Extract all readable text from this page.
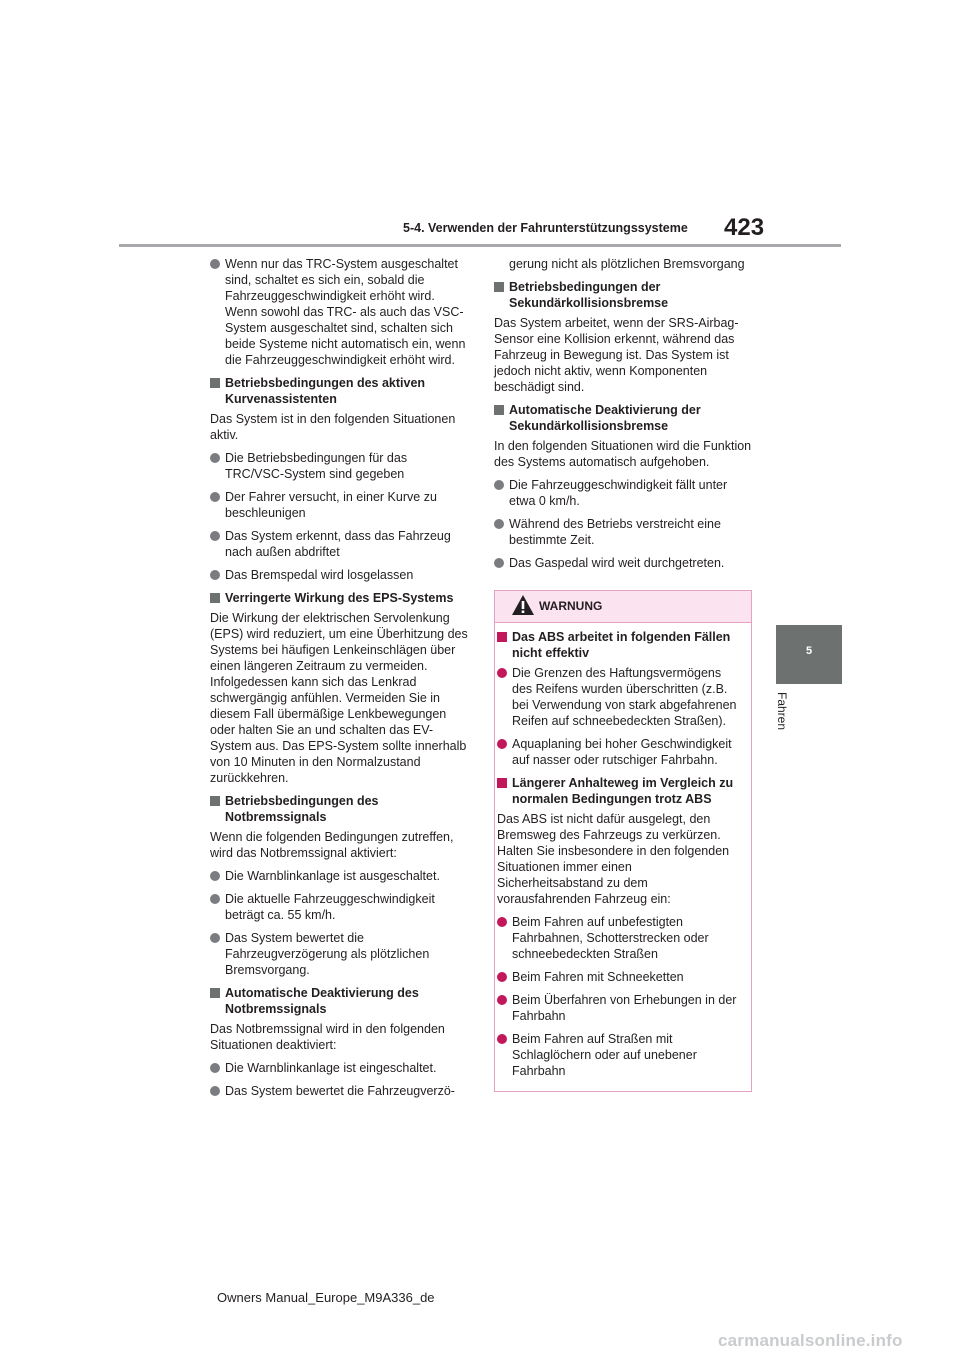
423
5-4. Verwenden der Fahrunterstützungssysteme
5
Fahren
Wenn nur das TRC-System ausgeschaltet sind, schaltet es sich ein, sobald die Fahrzeuggeschwindigkeit erhöht wird. Wenn sowohl das TRC- als auch das VSC-System ausgeschaltet sind, schalten sich beide Systeme nicht automatisch ein, wenn die Fahrzeuggeschwindigkeit erhöht wird.
Betriebsbedingungen des aktiven Kurvenassistenten
Das System ist in den folgenden Situationen aktiv.
Die Betriebsbedingungen für das TRC/VSC-System sind gegeben
Der Fahrer versucht, in einer Kurve zu beschleunigen
Das System erkennt, dass das Fahrzeug nach außen abdriftet
Das Bremspedal wird losgelassen
Verringerte Wirkung des EPS-Systems
Die Wirkung der elektrischen Servolenkung (EPS) wird reduziert, um eine Überhitzung des Systems bei häufigen Lenkeinschlägen über einen längeren Zeitraum zu vermeiden. Infolgedessen kann sich das Lenkrad schwergängig anfühlen. Vermeiden Sie in diesem Fall übermäßige Lenkbewegungen oder halten Sie an und schalten das EV-System aus. Das EPS-System sollte innerhalb von 10 Minuten in den Normalzustand zurückkehren.
Betriebsbedingungen des Notbremssignals
Wenn die folgenden Bedingungen zutreffen, wird das Notbremssignal aktiviert:
Die Warnblinkanlage ist ausgeschaltet.
Die aktuelle Fahrzeuggeschwindigkeit beträgt ca. 55 km/h.
Das System bewertet die Fahrzeugverzögerung als plötzlichen Bremsvorgang.
Automatische Deaktivierung des Notbremssignals
Das Notbremssignal wird in den folgenden Situationen deaktiviert:
Die Warnblinkanlage ist eingeschaltet.
Das System bewertet die Fahrzeugverzö-
gerung nicht als plötzlichen Bremsvorgang
Betriebsbedingungen der Sekundärkollisionsbremse
Das System arbeitet, wenn der SRS-Airbag-Sensor eine Kollision erkennt, während das Fahrzeug in Bewegung ist. Das System ist jedoch nicht aktiv, wenn Komponenten beschädigt sind.
Automatische Deaktivierung der Sekundärkollisionsbremse
In den folgenden Situationen wird die Funktion des Systems automatisch aufgehoben.
Die Fahrzeuggeschwindigkeit fällt unter etwa 0 km/h.
Während des Betriebs verstreicht eine bestimmte Zeit.
Das Gaspedal wird weit durchgetreten.
WARNUNG
Das ABS arbeitet in folgenden Fällen nicht effektiv
Die Grenzen des Haftungsvermögens des Reifens wurden überschritten (z.B. bei Verwendung von stark abgefahrenen Reifen auf schneebedeckten Straßen).
Aquaplaning bei hoher Geschwindigkeit auf nasser oder rutschiger Fahrbahn.
Längerer Anhalteweg im Vergleich zu normalen Bedingungen trotz ABS
Das ABS ist nicht dafür ausgelegt, den Bremsweg des Fahrzeugs zu verkürzen. Halten Sie insbesondere in den folgenden Situationen immer einen Sicherheitsabstand zu dem vorausfahrenden Fahrzeug ein:
Beim Fahren auf unbefestigten Fahrbahnen, Schotterstrecken oder schneebedeckten Straßen
Beim Fahren mit Schneeketten
Beim Überfahren von Erhebungen in der Fahrbahn
Beim Fahren auf Straßen mit Schlaglöchern oder auf unebener Fahrbahn
Owners Manual_Europe_M9A336_de
carmanualsonline.info
